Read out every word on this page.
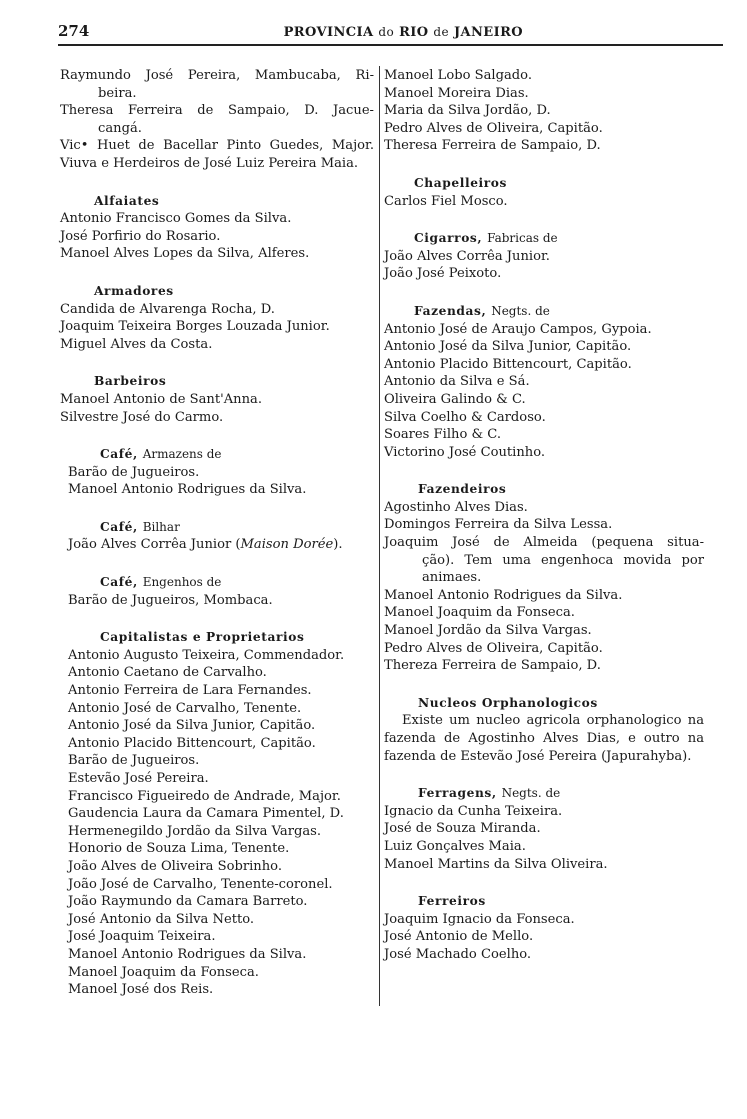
274	PROVINCIA do RIO de JANEIRO
Raymundo José Pereira, Mambucaba, Ri-
beira.
Theresa Ferreira de Sampaio, D. Jacue-
cangá.
Vic• Huet de Bacellar Pinto Guedes, Major.
Viuva e Herdeiros de José Luiz Pereira Maia.
Alfaiates
Antonio Francisco Gomes da Silva.
José Porfirio do Rosario.
Manoel Alves Lopes da Silva, Alferes.
Armadores
Candida de Alvarenga Rocha, D.
Joaquim Teixeira Borges Louzada Junior.
Miguel Alves da Costa.
Barbeiros
Manoel Antonio de Sant'Anna.
Silvestre José do Carmo.
Café, Armazens de
Barão de Jugueiros.
Manoel Antonio Rodrigues da Silva.
Café, Bilhar
João Alves Corrêa Junior (Maison Dorée).
Café, Engenhos de
Barão de Jugueiros, Mombaca.
Capitalistas e Proprietarios
Antonio Augusto Teixeira, Commendador.
Antonio Caetano de Carvalho.
Antonio Ferreira de Lara Fernandes.
Antonio José de Carvalho, Tenente.
Antonio José da Silva Junior, Capitão.
Antonio Placido Bittencourt, Capitão.
Barão de Jugueiros.
Estevão José Pereira.
Francisco Figueiredo de Andrade, Major.
Gaudencia Laura da Camara Pimentel, D.
Hermenegildo Jordão da Silva Vargas.
Honorio de Souza Lima, Tenente.
João Alves de Oliveira Sobrinho.
João José de Carvalho, Tenente-coronel.
João Raymundo da Camara Barreto.
José Antonio da Silva Netto.
José Joaquim Teixeira.
Manoel Antonio Rodrigues da Silva.
Manoel Joaquim da Fonseca.
Manoel José dos Reis.
Manoel Lobo Salgado.
Manoel Moreira Dias.
Maria da Silva Jordão, D.
Pedro Alves de Oliveira, Capitão.
Theresa Ferreira de Sampaio, D.
Chapelleiros
Carlos Fiel Mosco.
Cigarros, Fabricas de
João Alves Corrêa Junior.
João José Peixoto.
Fazendas, Negts. de
Antonio José de Araujo Campos, Gypoia.
Antonio José da Silva Junior, Capitão.
Antonio Placido Bittencourt, Capitão.
Antonio da Silva e Sá.
Oliveira Galindo & C.
Silva Coelho & Cardoso.
Soares Filho & C.
Victorino José Coutinho.
Fazendeiros
Agostinho Alves Dias.
Domingos Ferreira da Silva Lessa.
Joaquim José de Almeida (pequena situa-
ção). Tem uma engenhoca movida por
animaes.
Manoel Antonio Rodrigues da Silva.
Manoel Joaquim da Fonseca.
Manoel Jordão da Silva Vargas.
Pedro Alves de Oliveira, Capitão.
Thereza Ferreira de Sampaio, D.
Nucleos Orphanologicos
Existe um nucleo agricola orphanologico na fazenda de Agostinho Alves Dias, e outro na fazenda de Estevão José Pereira (Japurahyba).
Ferragens, Negts. de
Ignacio da Cunha Teixeira.
José de Souza Miranda.
Luiz Gonçalves Maia.
Manoel Martins da Silva Oliveira.
Ferreiros
Joaquim Ignacio da Fonseca.
José Antonio de Mello.
José Machado Coelho.
